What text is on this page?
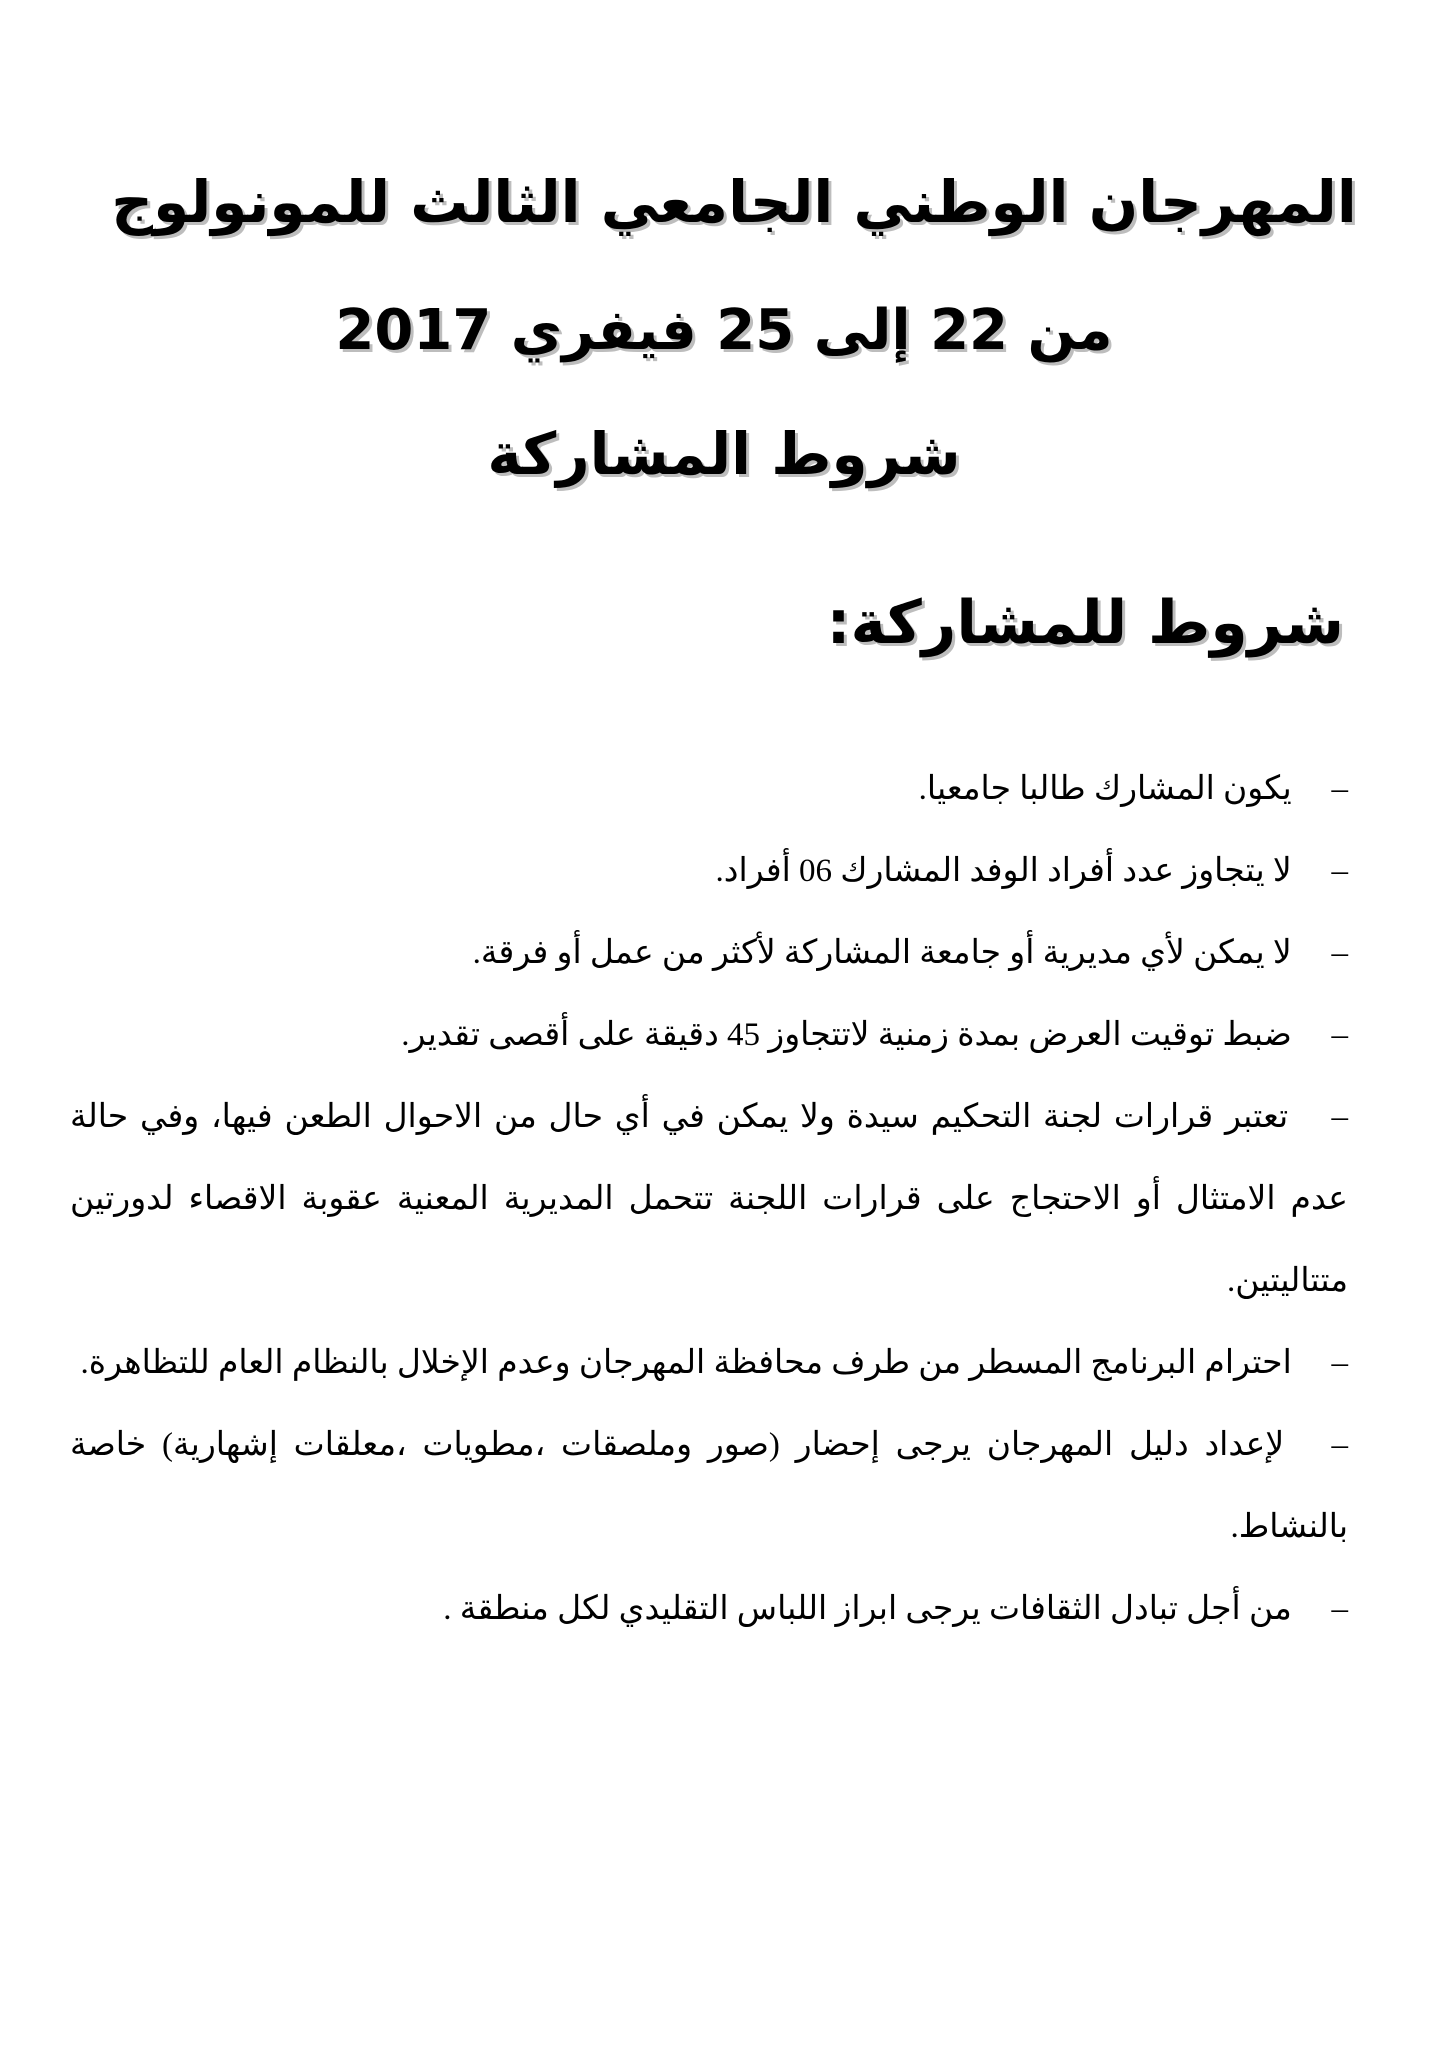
المهرجان الوطني الجامعي الثالث للمونولوج
من 22 إلى 25 فيفري 2017
شروط المشاركة
شروط للمشاركة:
– يكون المشارك طالبا جامعيا.
– لا يتجاوز عدد أفراد الوفد المشارك 06 أفراد.
– لا يمكن لأي مديرية أو جامعة المشاركة لأكثر من عمل أو فرقة.
– ضبط توقيت العرض بمدة زمنية لاتتجاوز 45 دقيقة على أقصى تقدير.
– تعتبر قرارات لجنة التحكيم سيدة ولا يمكن في أي حال من الاحوال الطعن فيها، وفي حالة عدم الامتثال أو الاحتجاج على قرارات اللجنة تتحمل المديرية المعنية عقوبة الاقصاء لدورتين متتاليتين.
– احترام البرنامج المسطر من طرف محافظة المهرجان وعدم الإخلال بالنظام العام للتظاهرة.
– لإعداد دليل المهرجان يرجى إحضار (صور وملصقات ،مطويات ،معلقات إشهارية) خاصة بالنشاط.
– من أجل تبادل الثقافات يرجى ابراز اللباس التقليدي لكل منطقة .
